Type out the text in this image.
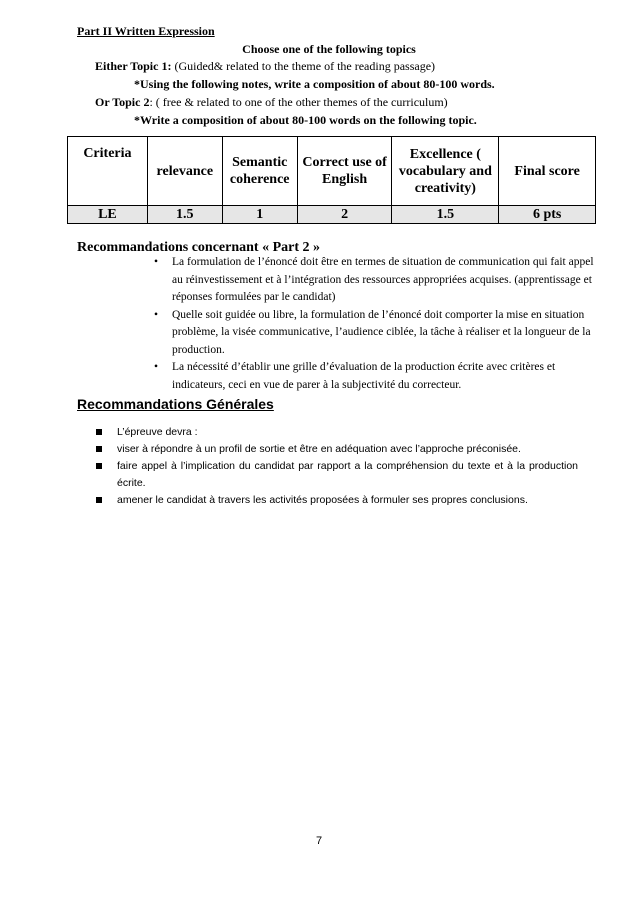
Part II Written Expression
Choose one of the following topics
Either Topic 1: (Guided& related to the theme of the reading passage)
*Using the following notes, write a composition of about 80-100 words.
Or Topic 2: ( free & related to one of the other themes of the curriculum)
*Write a composition of about 80-100 words on the following topic.
Criteria	relevance	Semantic coherence	Correct use of English	Excellence ( vocabulary and creativity)	Final score
LE	1.5	1	2	1.5	6 pts
Recommandations concernant « Part 2 »
• La formulation de l’énoncé doit être en termes de situation de communication qui fait appel au réinvestissement et à l’intégration des ressources appropriées acquises. (apprentissage et réponses formulées par le candidat)
• Quelle soit guidée ou libre, la formulation de l’énoncé doit comporter la mise en situation problème, la visée communicative, l’audience ciblée, la tâche à réaliser et la longueur de la production.
• La nécessité d’établir une grille d’évaluation de la production écrite avec critères et indicateurs, ceci en vue de parer à la subjectivité du correcteur.
Recommandations Générales
L’épreuve devra :
viser à répondre à un profil de sortie et être en adéquation avec l’approche préconisée.
faire appel à l’implication du candidat par rapport a la compréhension du texte et à la production écrite.
amener le candidat à travers les activités proposées à formuler ses propres conclusions.
7
